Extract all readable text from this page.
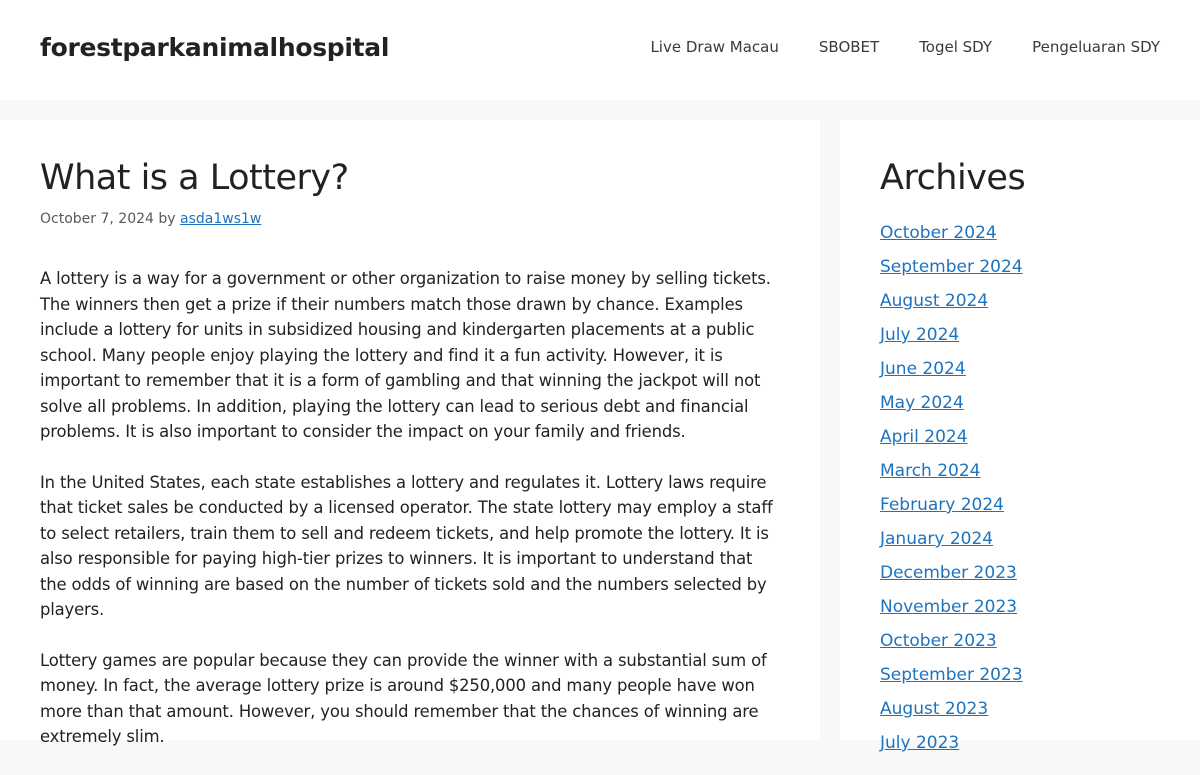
forestparkanimalhospital	Live Draw Macau	SBOBET	Togel SDY	Pengeluaran SDY
What is a Lottery?
October 7, 2024 by asda1ws1w

A lottery is a way for a government or other organization to raise money by selling tickets. The winners then get a prize if their numbers match those drawn by chance. Examples include a lottery for units in subsidized housing and kindergarten placements at a public school. Many people enjoy playing the lottery and find it a fun activity. However, it is important to remember that it is a form of gambling and that winning the jackpot will not solve all problems. In addition, playing the lottery can lead to serious debt and financial problems. It is also important to consider the impact on your family and friends.

In the United States, each state establishes a lottery and regulates it. Lottery laws require that ticket sales be conducted by a licensed operator. The state lottery may employ a staff to select retailers, train them to sell and redeem tickets, and help promote the lottery. It is also responsible for paying high-tier prizes to winners. It is important to understand that the odds of winning are based on the number of tickets sold and the numbers selected by players.

Lottery games are popular because they can provide the winner with a substantial sum of money. In fact, the average lottery prize is around $250,000 and many people have won more than that amount. However, you should remember that the chances of winning are extremely slim.

Archives
October 2024
September 2024
August 2024
July 2024
June 2024
May 2024
April 2024
March 2024
February 2024
January 2024
December 2023
November 2023
October 2023
September 2023
August 2023
July 2023
